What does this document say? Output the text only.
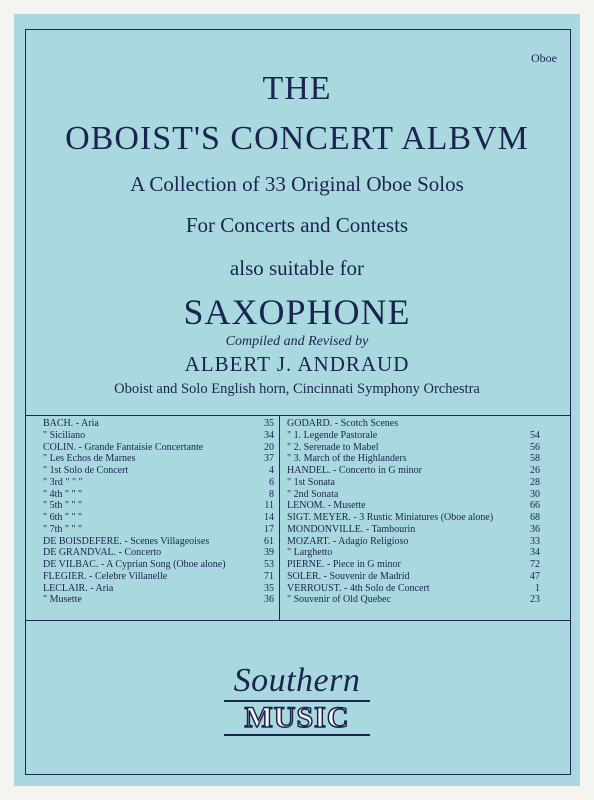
Oboe
THE
OBOIST'S CONCERT ALBVM
A Collection of 33 Original Oboe Solos
For Concerts and Contests
also suitable for
SAXOPHONE
Compiled and Revised by
ALBERT J. ANDRAUD
Oboist and Solo English horn, Cincinnati Symphony Orchestra
BACH. - Aria	35
" Siciliano	34
COLIN. - Grande Fantaisie Concertante	20
" Les Echos de Marnes	37
" 1st Solo de Concert	4
" 3rd " " "	6
" 4th " " "	8
" 5th " " "	11
" 6th " " "	14
" 7th " " "	17
DE BOISDEFERE. - Scenes Villageoises	61
DE GRANDVAL. - Concerto	39
DE VILBAC. - A Cyprian Song (Oboe alone)	53
FLEGIER. - Celebre Villanelle	71
LECLAIR. - Aria	35
" Musette	36
GODARD. - Scotch Scenes
" 1. Legende Pastorale	54
" 2. Serenade to Mabel	56
" 3. March of the Highlanders	58
HANDEL. - Concerto in G minor	26
" 1st Sonata	28
" 2nd Sonata	30
LENOM. - Musette	66
SIGT. MEYER. - 3 Rustic Miniatures (Oboe alone)	68
MONDONVILLE. - Tambourin	36
MOZART. - Adagio Religioso	33
" Larghetto	34
PIERNE. - Piece in G minor	72
SOLER. - Souvenir de Madrid	47
VERROUST. - 4th Solo de Concert	1
" Souvenir of Old Quebec	23
Southern
MUSIC
